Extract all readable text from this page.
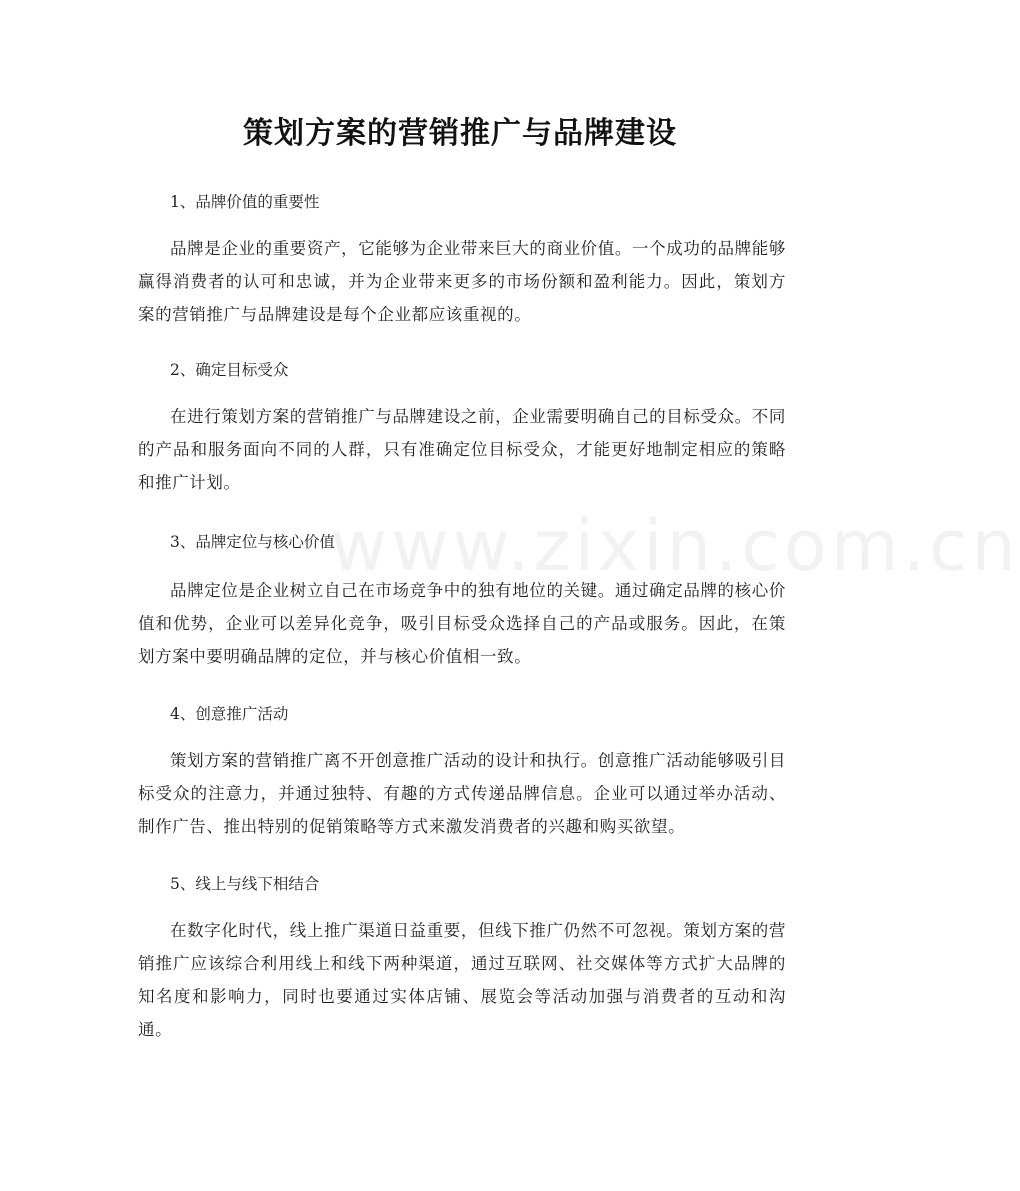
www.zixin.com.cn
策划方案的营销推广与品牌建设

1、品牌价值的重要性

品牌是企业的重要资产，它能够为企业带来巨大的商业价值。一个成功的品牌能够赢得消费者的认可和忠诚，并为企业带来更多的市场份额和盈利能力。因此，策划方案的营销推广与品牌建设是每个企业都应该重视的。

2、确定目标受众

在进行策划方案的营销推广与品牌建设之前，企业需要明确自己的目标受众。不同的产品和服务面向不同的人群，只有准确定位目标受众，才能更好地制定相应的策略和推广计划。

3、品牌定位与核心价值

品牌定位是企业树立自己在市场竞争中的独有地位的关键。通过确定品牌的核心价值和优势，企业可以差异化竞争，吸引目标受众选择自己的产品或服务。因此，在策划方案中要明确品牌的定位，并与核心价值相一致。

4、创意推广活动

策划方案的营销推广离不开创意推广活动的设计和执行。创意推广活动能够吸引目标受众的注意力，并通过独特、有趣的方式传递品牌信息。企业可以通过举办活动、制作广告、推出特别的促销策略等方式来激发消费者的兴趣和购买欲望。

5、线上与线下相结合

在数字化时代，线上推广渠道日益重要，但线下推广仍然不可忽视。策划方案的营销推广应该综合利用线上和线下两种渠道，通过互联网、社交媒体等方式扩大品牌的知名度和影响力，同时也要通过实体店铺、展览会等活动加强与消费者的互动和沟通。
